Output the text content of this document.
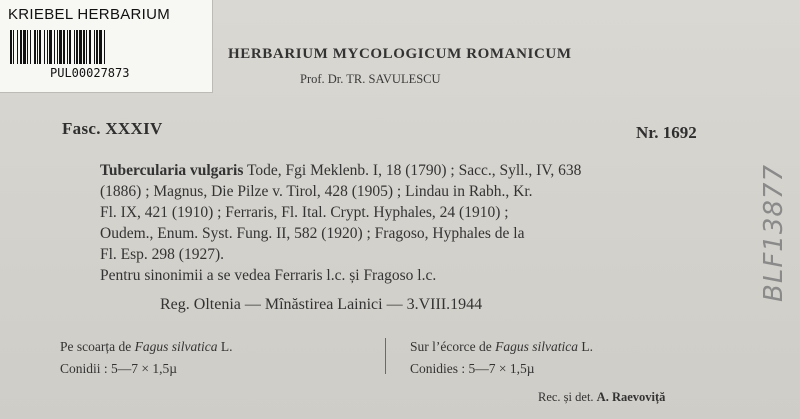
KRIEBEL HERBARIUM
PUL00027873
HERBARIUM MYCOLOGICUM ROMANICUM
Prof. Dr. TR. SAVULESCU
Fasc. XXXIV	Nr. 1692
Tubercularia vulgaris Tode, Fgi Meklenb. I, 18 (1790) ; Sacc., Syll., IV, 638
(1886) ; Magnus, Die Pilze v. Tirol, 428 (1905) ; Lindau in Rabh., Kr.
Fl. IX, 421 (1910) ; Ferraris, Fl. Ital. Crypt. Hyphales, 24 (1910) ;
Oudem., Enum. Syst. Fung. II, 582 (1920) ; Fragoso, Hyphales de la
Fl. Esp. 298 (1927).
Pentru sinonimii a se vedea Ferraris l.c. și Fragoso l.c.
Reg. Oltenia — Mînăstirea Lainici — 3.VIII.1944
Pe scoarța de Fagus silvatica L.
Conidii : 5—7 × 1,5µ
Sur l’écorce de Fagus silvatica L.
Conidies : 5—7 × 1,5µ
Rec. și det. A. Raevoviță
BLF13877
